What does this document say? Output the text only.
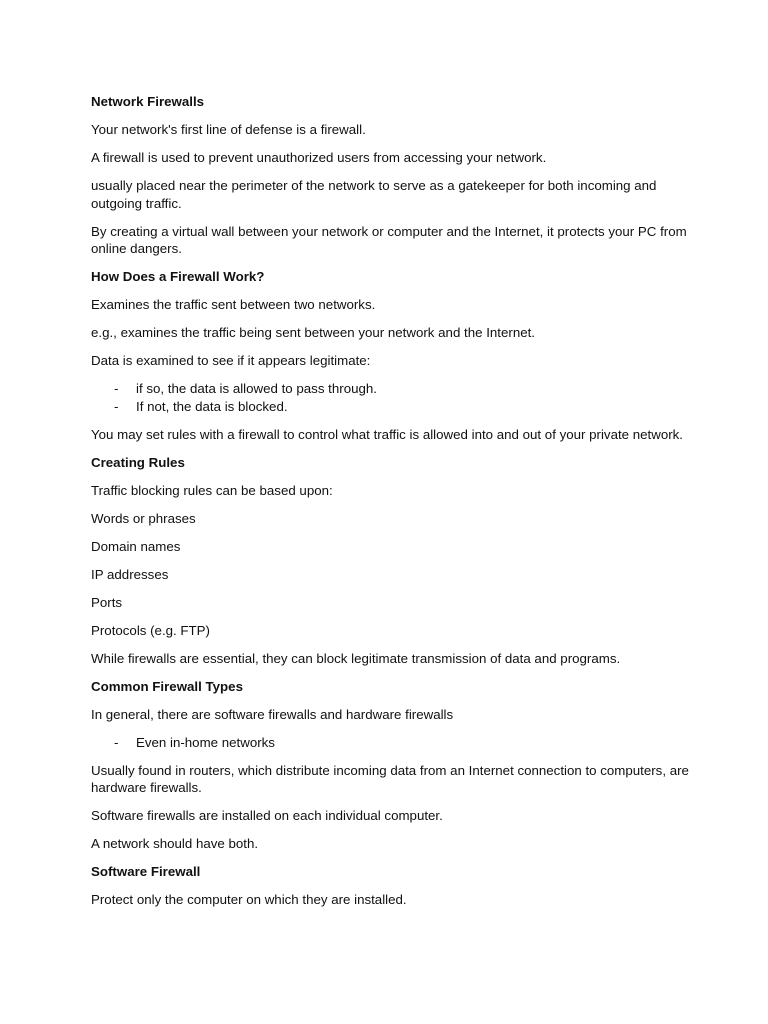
Network Firewalls

Your network's first line of defense is a firewall.

A firewall is used to prevent unauthorized users from accessing your network.

usually placed near the perimeter of the network to serve as a gatekeeper for both incoming and outgoing traffic.

By creating a virtual wall between your network or computer and the Internet, it protects your PC from online dangers.

How Does a Firewall Work?

Examines the traffic sent between two networks.

e.g., examines the traffic being sent between your network and the Internet.

Data is examined to see if it appears legitimate:

- if so, the data is allowed to pass through.
- If not, the data is blocked.

You may set rules with a firewall to control what traffic is allowed into and out of your private network.

Creating Rules

Traffic blocking rules can be based upon:

Words or phrases

Domain names

IP addresses

Ports

Protocols (e.g. FTP)

While firewalls are essential, they can block legitimate transmission of data and programs.

Common Firewall Types

In general, there are software firewalls and hardware firewalls

- Even in-home networks

Usually found in routers, which distribute incoming data from an Internet connection to computers, are hardware firewalls.

Software firewalls are installed on each individual computer.

A network should have both.

Software Firewall

Protect only the computer on which they are installed.
